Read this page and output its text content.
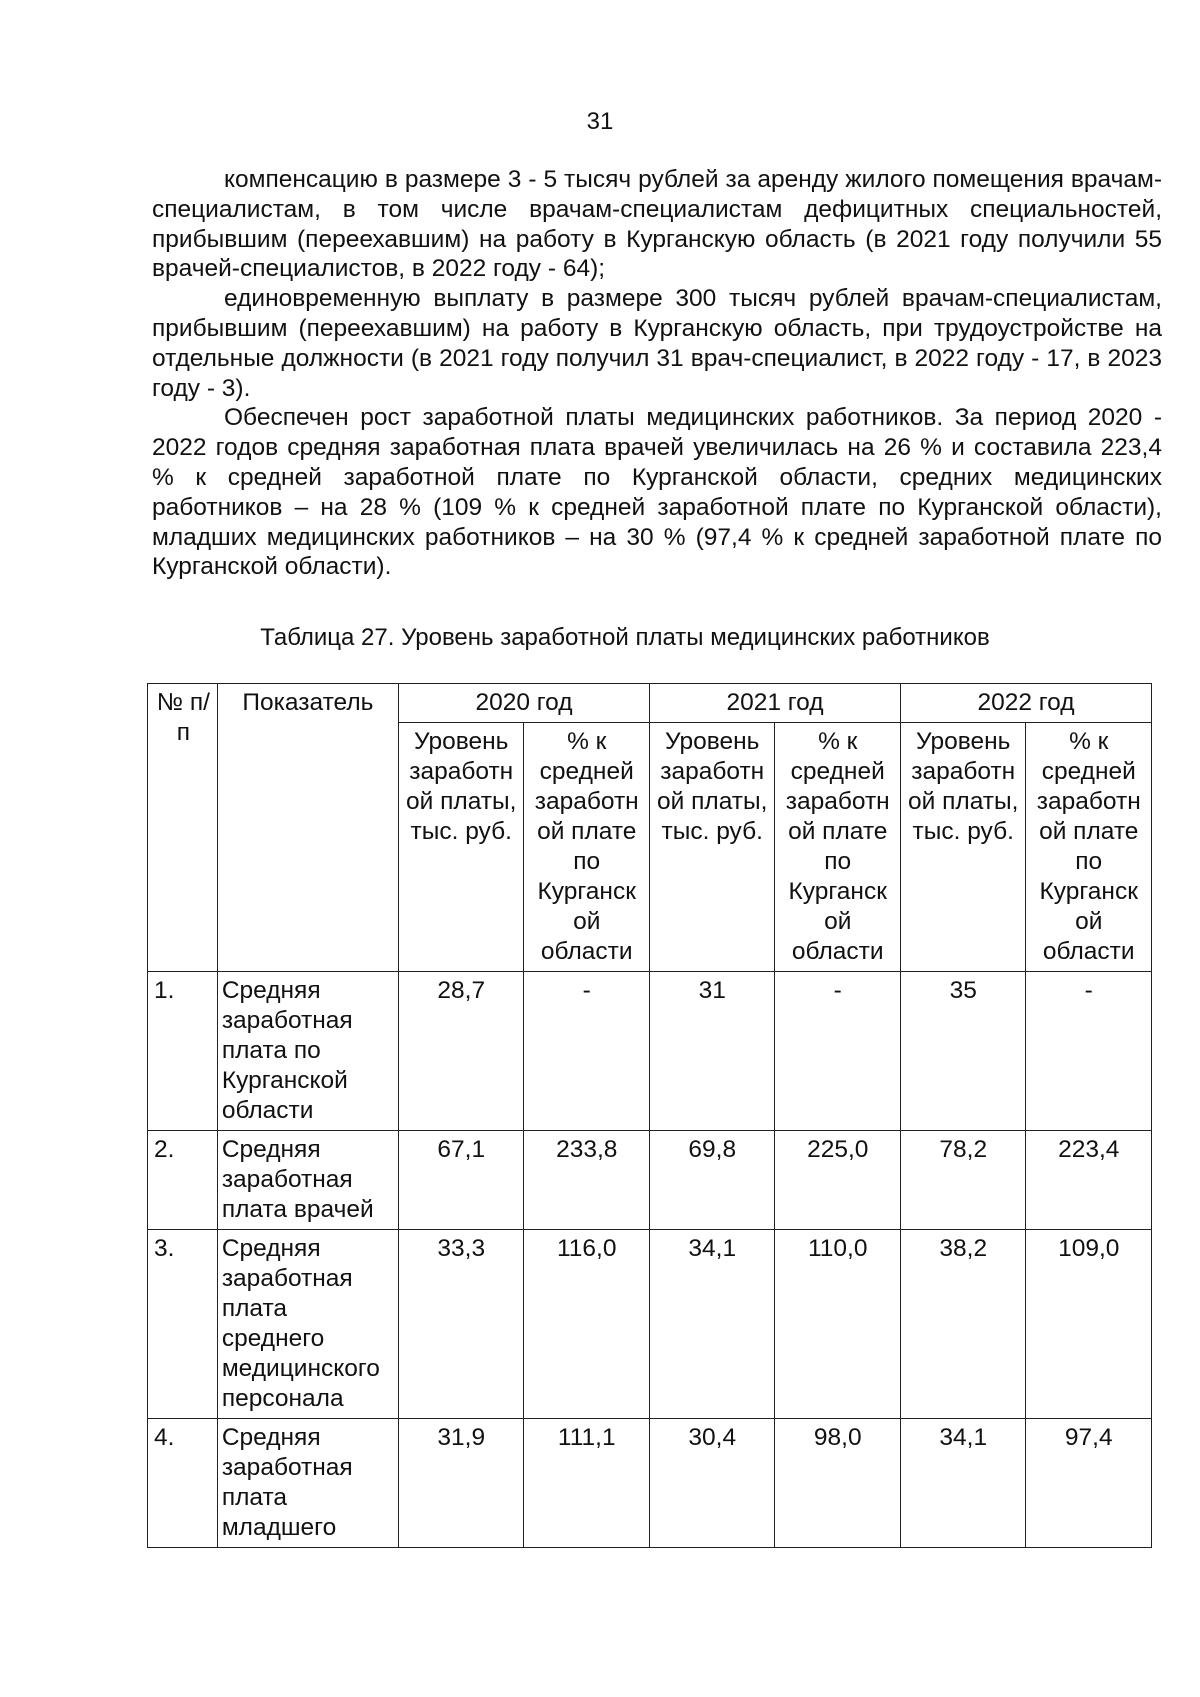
31

компенсацию в размере 3 - 5 тысяч рублей за аренду жилого помещения врачам-специалистам, в том числе врачам-специалистам дефицитных специальностей, прибывшим (переехавшим) на работу в Курганскую область (в 2021 году получили 55 врачей-специалистов, в 2022 году - 64);

единовременную выплату в размере 300 тысяч рублей врачам-специалистам, прибывшим (переехавшим) на работу в Курганскую область, при трудоустройстве на отдельные должности (в 2021 году получил 31 врач-специалист, в 2022 году - 17, в 2023 году - 3).

Обеспечен рост заработной платы медицинских работников. За период 2020 - 2022 годов средняя заработная плата врачей увеличилась на 26 % и составила 223,4 % к средней заработной плате по Курганской области, средних медицинских работников – на 28 % (109 % к средней заработной плате по Курганской области), младших медицинских работников – на 30 % (97,4 % к средней заработной плате по Курганской области).

Таблица 27. Уровень заработной платы медицинских работников
№ п/п	Показатель	2020 год		2021 год		2022 год	
		Уровень заработн ой платы, тыс. руб.	% к средней заработн ой плате по Курганск ой области	Уровень заработн ой платы, тыс. руб.	% к средней заработн ой плате по Курганск ой области	Уровень заработн ой платы, тыс. руб.	% к средней заработн ой плате по Курганск ой области
1.	Средняя заработная плата по Курганской области	28,7	-	31	-	35	-
2.	Средняя заработная плата врачей	67,1	233,8	69,8	225,0	78,2	223,4
3.	Средняя заработная плата среднего медицинского персонала	33,3	116,0	34,1	110,0	38,2	109,0
4.	Средняя заработная плата младшего	31,9	111,1	30,4	98,0	34,1	97,4
